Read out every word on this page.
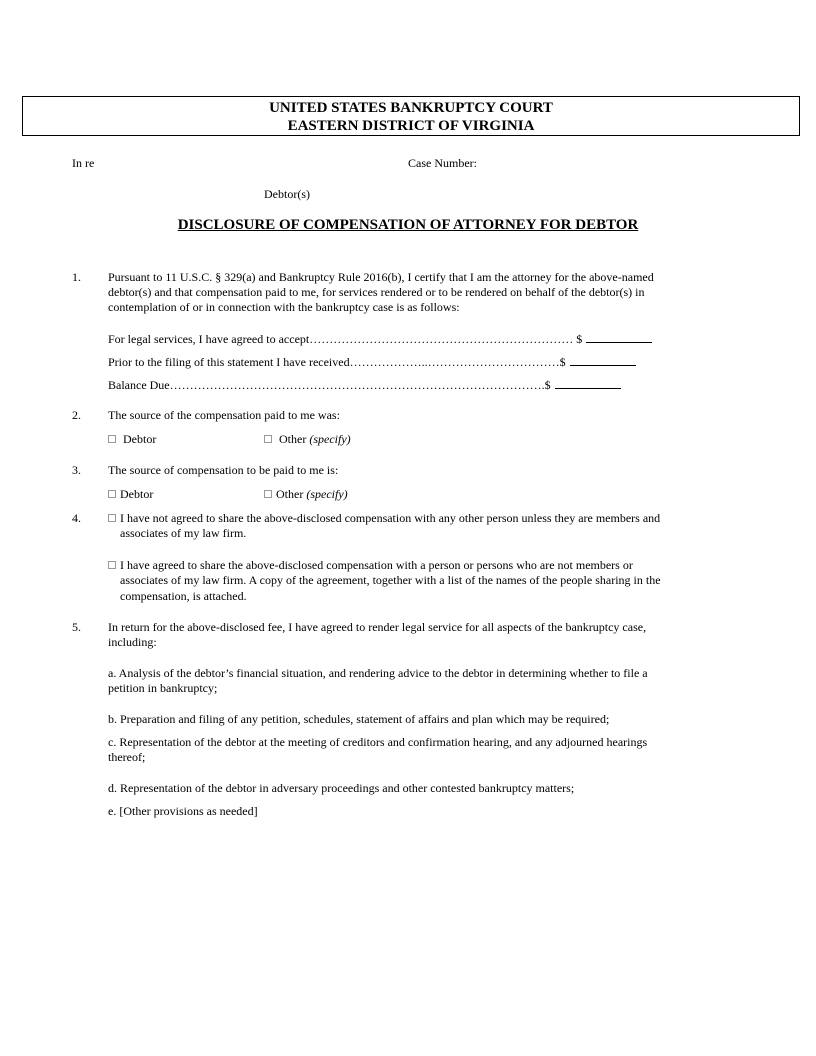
UNITED STATES BANKRUPTCY COURT
EASTERN DISTRICT OF VIRGINIA
In re	Case Number:
Debtor(s)
DISCLOSURE OF COMPENSATION OF ATTORNEY FOR DEBTOR
1. Pursuant to 11 U.S.C. § 329(a) and Bankruptcy Rule 2016(b), I certify that I am the attorney for the above-named
debtor(s) and that compensation paid to me, for services rendered or to be rendered on behalf of the debtor(s) in
contemplation of or in connection with the bankruptcy case is as follows:
For legal services, I have agreed to accept………………………………………………………… $
Prior to the filing of this statement I have received………………..……………………………$
Balance Due………………………………………………………………………………….$
2. The source of the compensation paid to me was:
Debtor	Other (specify)
3. The source of compensation to be paid to me is:
Debtor	Other (specify)
4.	I have not agreed to share the above-disclosed compensation with any other person unless they are members and
associates of my law firm.
I have agreed to share the above-disclosed compensation with a person or persons who are not members or
associates of my law firm. A copy of the agreement, together with a list of the names of the people sharing in the
compensation, is attached.
5. In return for the above-disclosed fee, I have agreed to render legal service for all aspects of the bankruptcy case,
including:
a. Analysis of the debtor’s financial situation, and rendering advice to the debtor in determining whether to file a
petition in bankruptcy;
b. Preparation and filing of any petition, schedules, statement of affairs and plan which may be required;
c. Representation of the debtor at the meeting of creditors and confirmation hearing, and any adjourned hearings
thereof;
d. Representation of the debtor in adversary proceedings and other contested bankruptcy matters;
e. [Other provisions as needed]
